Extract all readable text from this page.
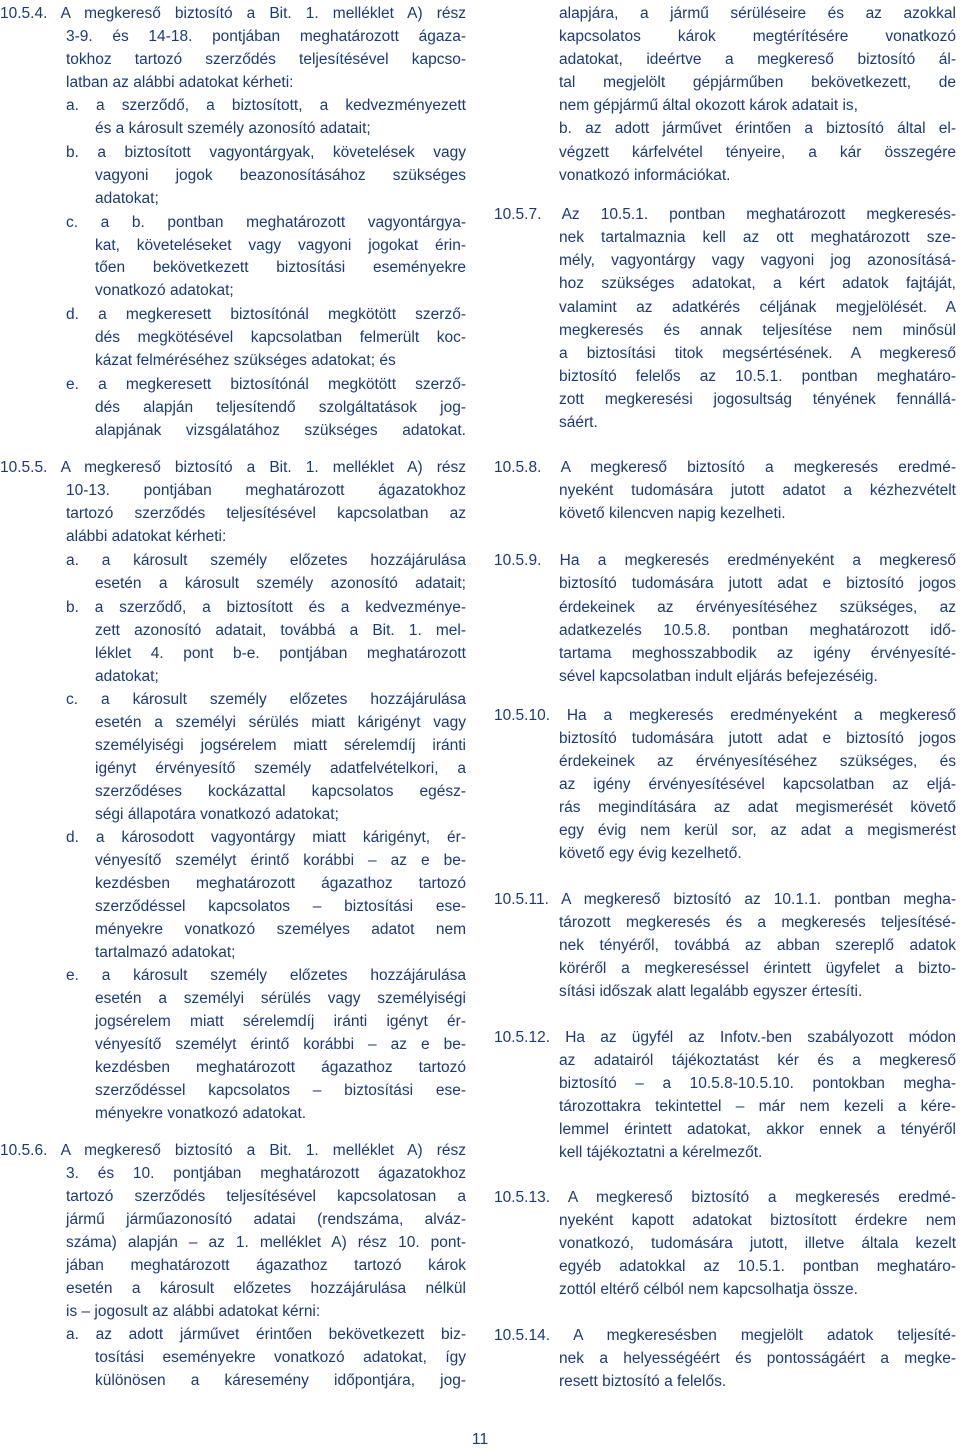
10.5.4. A megkereső biztosító a Bit. 1. melléklet A) rész
3-9. és 14-18. pontjában meghatározott ágaza-
tokhoz tartozó szerződés teljesítésével kapcso-
latban az alábbi adatokat kérheti:
a. a szerződő, a biztosított, a kedvezményezett
és a károsult személy azonosító adatait;
b. a biztosított vagyontárgyak, követelések vagy
vagyoni jogok beazonosításához szükséges
adatokat;
c. a b. pontban meghatározott vagyontárgya-
kat, követeléseket vagy vagyoni jogokat érin-
tően bekövetkezett biztosítási eseményekre
vonatkozó adatokat;
d. a megkeresett biztosítónál megkötött szerző-
dés megkötésével kapcsolatban felmerült koc-
kázat felméréséhez szükséges adatokat; és
e. a megkeresett biztosítónál megkötött szerző-
dés alapján teljesítendő szolgáltatások jog-
alapjának vizsgálatához szükséges adatokat.
10.5.5. A megkereső biztosító a Bit. 1. melléklet A) rész
10-13. pontjában meghatározott ágazatokhoz
tartozó szerződés teljesítésével kapcsolatban az
alábbi adatokat kérheti:
a. a károsult személy előzetes hozzájárulása
esetén a károsult személy azonosító adatait;
b. a szerződő, a biztosított és a kedvezménye-
zett azonosító adatait, továbbá a Bit. 1. mel-
léklet 4. pont b-e. pontjában meghatározott
adatokat;
c. a károsult személy előzetes hozzájárulása
esetén a személyi sérülés miatt kárigényt vagy
személyiségi jogsérelem miatt sérelemdíj iránti
igényt érvényesítő személy adatfelvételkori, a
szerződéses kockázattal kapcsolatos egész-
ségi állapotára vonatkozó adatokat;
d. a károsodott vagyontárgy miatt kárigényt, ér-
vényesítő személyt érintő korábbi – az e be-
kezdésben meghatározott ágazathoz tartozó
szerződéssel kapcsolatos – biztosítási ese-
ményekre vonatkozó személyes adatot nem
tartalmazó adatokat;
e. a károsult személy előzetes hozzájárulása
esetén a személyi sérülés vagy személyiségi
jogsérelem miatt sérelemdíj iránti igényt ér-
vényesítő személyt érintő korábbi – az e be-
kezdésben meghatározott ágazathoz tartozó
szerződéssel kapcsolatos – biztosítási ese-
ményekre vonatkozó adatokat.
10.5.6. A megkereső biztosító a Bit. 1. melléklet A) rész
3. és 10. pontjában meghatározott ágazatokhoz
tartozó szerződés teljesítésével kapcsolatosan a
jármű járműazonosító adatai (rendszáma, alváz-
száma) alapján – az 1. melléklet A) rész 10. pont-
jában meghatározott ágazathoz tartozó károk
esetén a károsult előzetes hozzájárulása nélkül
is – jogosult az alábbi adatokat kérni:
a. az adott járművet érintően bekövetkezett biz-
tosítási eseményekre vonatkozó adatokat, így
különösen a káresemény időpontjára, jog-
alapjára, a jármű sérüléseire és az azokkal
kapcsolatos károk megtérítésére vonatkozó
adatokat, ideértve a megkereső biztosító ál-
tal megjelölt gépjárműben bekövetkezett, de
nem gépjármű által okozott károk adatait is,
b. az adott járművet érintően a biztosító által el-
végzett kárfelvétel tényeire, a kár összegére
vonatkozó információkat.
10.5.7. Az 10.5.1. pontban meghatározott megkeresés-
nek tartalmaznia kell az ott meghatározott sze-
mély, vagyontárgy vagy vagyoni jog azonosításá-
hoz szükséges adatokat, a kért adatok fajtáját,
valamint az adatkérés céljának megjelölését. A
megkeresés és annak teljesítése nem minősül
a biztosítási titok megsértésének. A megkereső
biztosító felelős az 10.5.1. pontban meghatáro-
zott megkeresési jogosultság tényének fennállá-
sáért.
10.5.8. A megkereső biztosító a megkeresés eredmé-
nyeként tudomására jutott adatot a kézhezvételt
követő kilencven napig kezelheti.
10.5.9. Ha a megkeresés eredményeként a megkereső
biztosító tudomására jutott adat e biztosító jogos
érdekeinek az érvényesítéséhez szükséges, az
adatkezelés 10.5.8. pontban meghatározott idő-
tartama meghosszabbodik az igény érvényesíté-
sével kapcsolatban indult eljárás befejezéséig.
10.5.10. Ha a megkeresés eredményeként a megkereső
biztosító tudomására jutott adat e biztosító jogos
érdekeinek az érvényesítéséhez szükséges, és
az igény érvényesítésével kapcsolatban az eljá-
rás megindítására az adat megismerését követő
egy évig nem kerül sor, az adat a megismerést
követő egy évig kezelhető.
10.5.11. A megkereső biztosító az 10.1.1. pontban megha-
tározott megkeresés és a megkeresés teljesítésé-
nek tényéről, továbbá az abban szereplő adatok
köréről a megkereséssel érintett ügyfelet a bizto-
sítási időszak alatt legalább egyszer értesíti.
10.5.12. Ha az ügyfél az Infotv.-ben szabályozott módon
az adatairól tájékoztatást kér és a megkereső
biztosító – a 10.5.8-10.5.10. pontokban megha-
tározottakra tekintettel – már nem kezeli a kére-
lemmel érintett adatokat, akkor ennek a tényéről
kell tájékoztatni a kérelmezőt.
10.5.13. A megkereső biztosító a megkeresés eredmé-
nyeként kapott adatokat biztosított érdekre nem
vonatkozó, tudomására jutott, illetve általa kezelt
egyéb adatokkal az 10.5.1. pontban meghatáro-
zottól eltérő célból nem kapcsolhatja össze.
10.5.14. A megkeresésben megjelölt adatok teljesíté-
nek a helyességéért és pontosságáért a megke-
resett biztosító a felelős.
11
